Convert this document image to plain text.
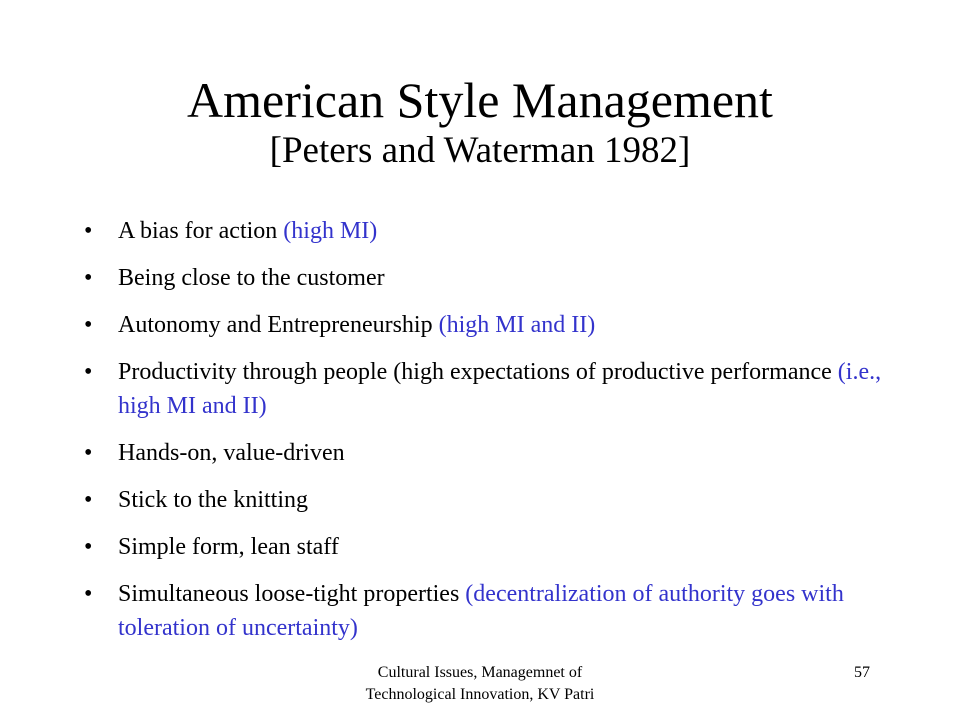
American Style Management
[Peters and Waterman 1982]
• A bias for action (high MI)
• Being close to the customer
• Autonomy and Entrepreneurship (high MI and II)
• Productivity through people (high expectations of productive performance (i.e., high MI and II)
• Hands-on, value-driven
• Stick to the knitting
• Simple form, lean staff
• Simultaneous loose-tight properties (decentralization of authority goes with toleration of uncertainty)
Cultural Issues, Managemnet of
Technological Innovation, KV Patri
57
